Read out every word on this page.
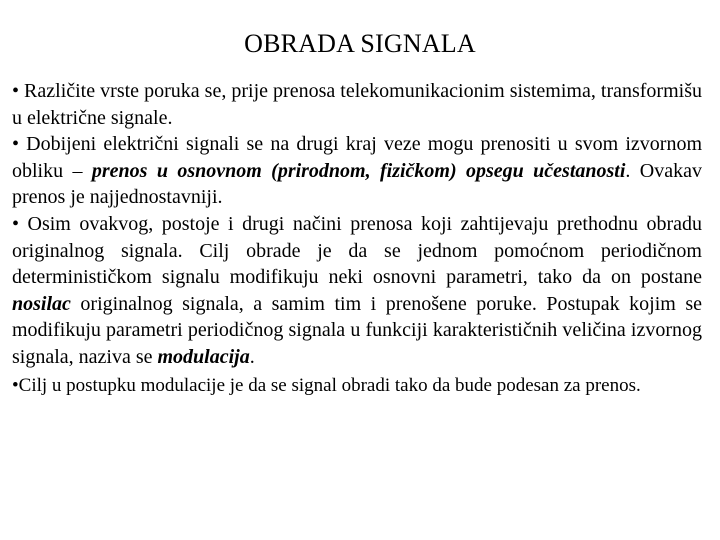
OBRADA SIGNALA

• Različite vrste poruka se, prije prenosa telekomunikacionim sistemima, transformišu u električne signale.

• Dobijeni električni signali se na drugi kraj veze mogu prenositi u svom izvornom obliku – prenos u osnovnom (prirodnom, fizičkom) opsegu učestanosti. Ovakav prenos je najjednostavniji.

• Osim ovakvog, postoje i drugi načini prenosa koji zahtijevaju prethodnu obradu originalnog signala. Cilj obrade je da se jednom pomoćnom periodičnom determinističkom signalu modifikuju neki osnovni parametri, tako da on postane nosilac originalnog signala, a samim tim i prenošene poruke. Postupak kojim se modifikuju parametri periodičnog signala u funkciji karakterističnih veličina izvornog signala, naziva se modulacija.

•Cilj u postupku modulacije je da se signal obradi tako da bude podesan za prenos.
